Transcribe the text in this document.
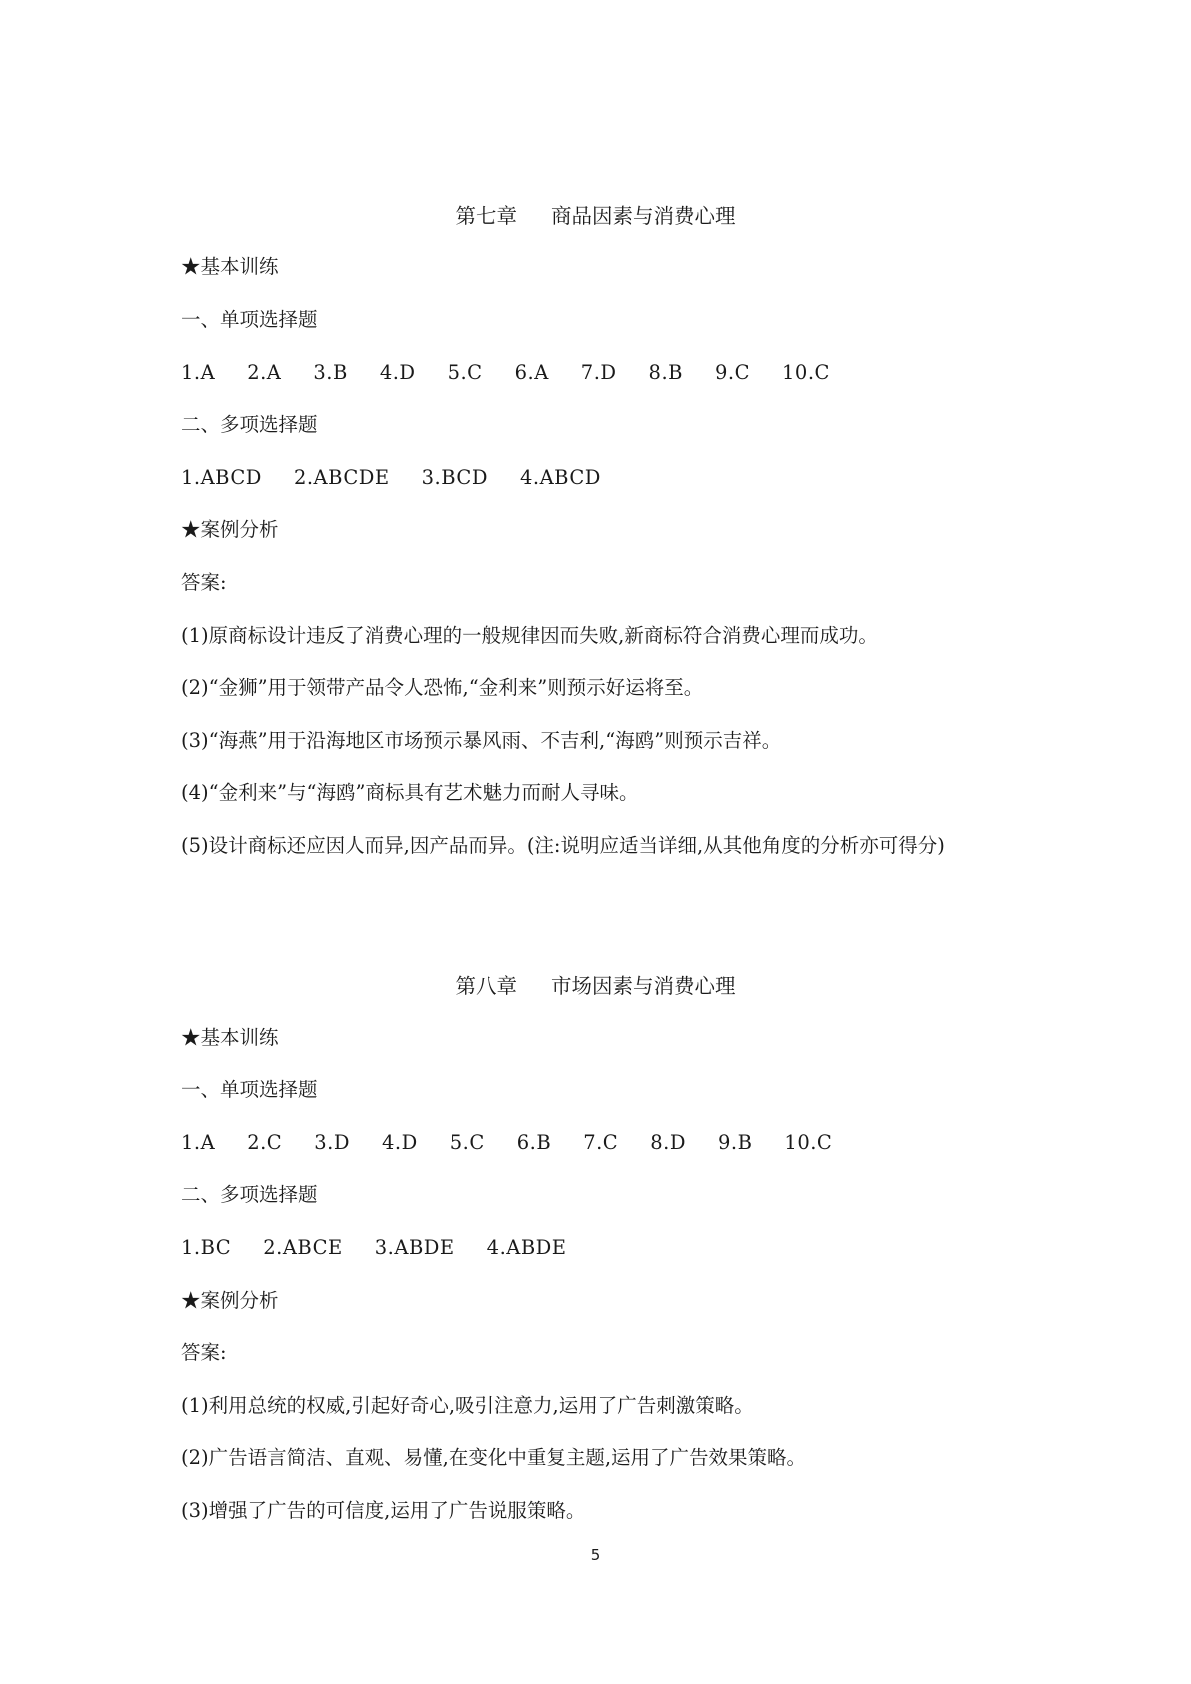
第七章 商品因素与消费心理
★基本训练
一、单项选择题
1.A 2.A 3.B 4.D 5.C 6.A 7.D 8.B 9.C 10.C
二、多项选择题
1.ABCD 2.ABCDE 3.BCD 4.ABCD
★案例分析
答案:
(1)原商标设计违反了消费心理的一般规律因而失败,新商标符合消费心理而成功。
(2)“金狮”用于领带产品令人恐怖,“金利来”则预示好运将至。
(3)“海燕”用于沿海地区市场预示暴风雨、不吉利,“海鸥”则预示吉祥。
(4)“金利来”与“海鸥”商标具有艺术魅力而耐人寻味。
(5)设计商标还应因人而异,因产品而异。(注:说明应适当详细,从其他角度的分析亦可得分)
第八章 市场因素与消费心理
★基本训练
一、单项选择题
1.A 2.C 3.D 4.D 5.C 6.B 7.C 8.D 9.B 10.C
二、多项选择题
1.BC 2.ABCE 3.ABDE 4.ABDE
★案例分析
答案:
(1)利用总统的权威,引起好奇心,吸引注意力,运用了广告刺激策略。
(2)广告语言简洁、直观、易懂,在变化中重复主题,运用了广告效果策略。
(3)增强了广告的可信度,运用了广告说服策略。
5
